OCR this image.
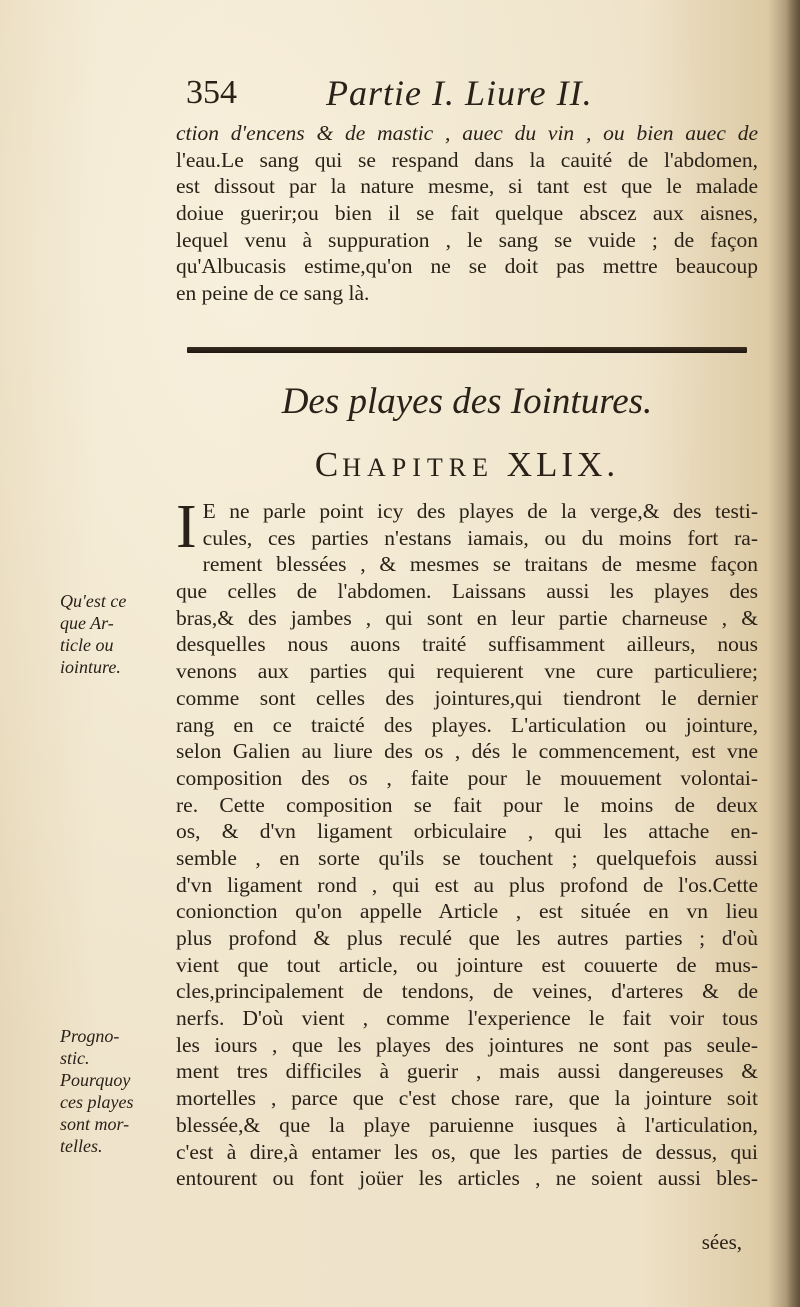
354 Partie I. Liure II.
ction d'encens & de mastic , auec du vin , ou bien auec de
l'eau.Le sang qui se respand dans la cauité de l'abdomen,
est dissout par la nature mesme, si tant est que le malade
doiue guerir;ou bien il se fait quelque abscez aux aisnes,
lequel venu à suppuration , le sang se vuide ; de façon
qu'Albucasis estime,qu'on ne se doit pas mettre beaucoup
en peine de ce sang là.
Des playes des Iointures.
CHAPITRE XLIX.
I E ne parle point icy des playes de la verge,& des testi-
cules, ces parties n'estans iamais, ou du moins fort ra-
rement blessées , & mesmes se traitans de mesme façon
que celles de l'abdomen. Laissans aussi les playes des
bras,& des jambes , qui sont en leur partie charneuse , &
desquelles nous auons traité suffisamment ailleurs, nous
venons aux parties qui requierent vne cure particuliere;
comme sont celles des jointures,qui tiendront le dernier
rang en ce traicté des playes. L'articulation ou jointure,
selon Galien au liure des os , dés le commencement, est vne
composition des os , faite pour le mouuement volontai-
re. Cette composition se fait pour le moins de deux
os, & d'vn ligament orbiculaire , qui les attache en-
semble , en sorte qu'ils se touchent ; quelquefois aussi
d'vn ligament rond , qui est au plus profond de l'os.Cette
conionction qu'on appelle Article , est située en vn lieu
plus profond & plus reculé que les autres parties ; d'où
vient que tout article, ou jointure est couuerte de mus-
cles,principalement de tendons, de veines, d'arteres & de
nerfs. D'où vient , comme l'experience le fait voir tous
les iours , que les playes des jointures ne sont pas seule-
ment tres difficiles à guerir , mais aussi dangereuses &
mortelles , parce que c'est chose rare, que la jointure soit
blessée,& que la playe paruienne iusques à l'articulation,
c'est à dire,à entamer les os, que les parties de dessus, qui
entourent ou font joüer les articles , ne soient aussi bles-
Qu'est ce
que Ar-
ticle ou
iointure.
Progno-
stic.
Pourquoy
ces playes
sont mor-
telles.
sées,
